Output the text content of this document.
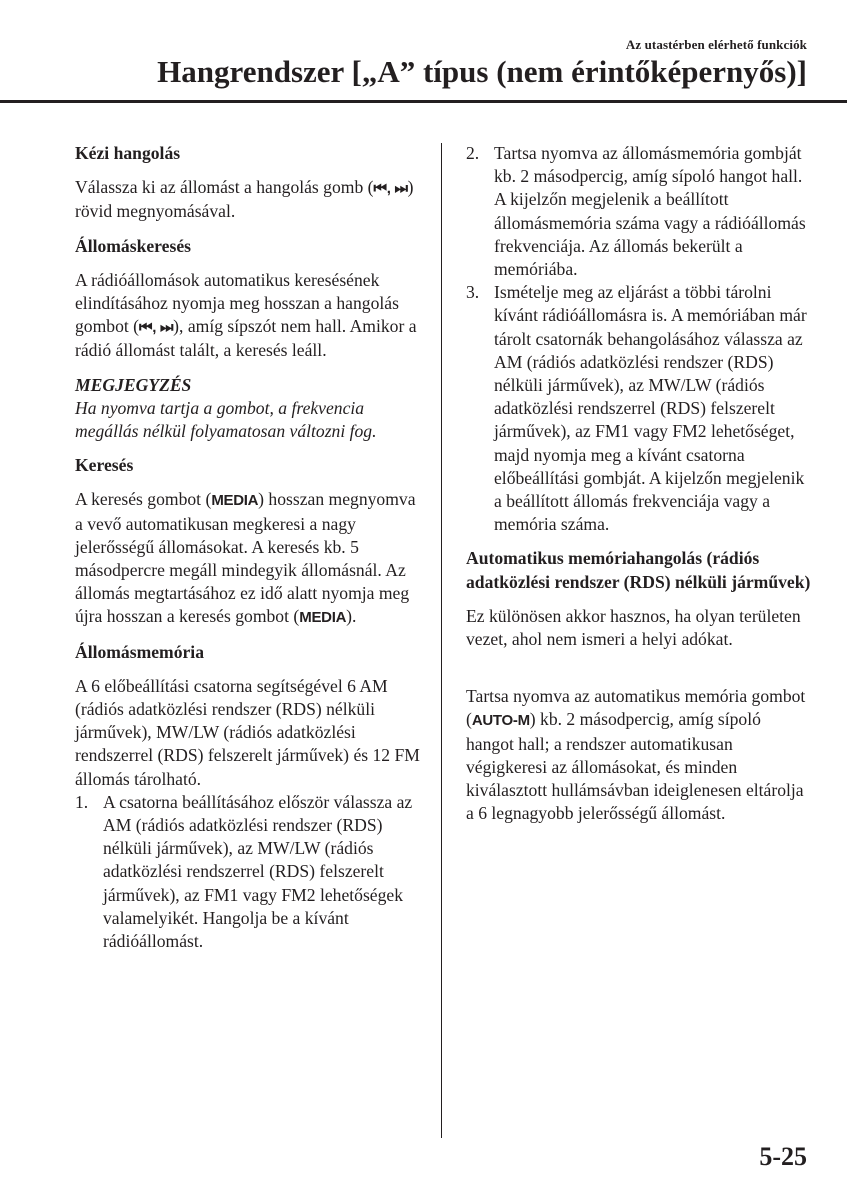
Az utastérben elérhető funkciók
Hangrendszer [„A” típus (nem érintőképernyős)]
Kézi hangolás

Válassza ki az állomást a hangolás gomb (⏮, ⏭) rövid megnyomásával.

Állomáskeresés

A rádióállomások automatikus keresésének elindításához nyomja meg hosszan a hangolás gombot (⏮, ⏭), amíg sípszót nem hall. Amikor a rádió állomást talált, a keresés leáll.

MEGJEGYZÉS
Ha nyomva tartja a gombot, a frekvencia megállás nélkül folyamatosan változni fog.
Keresés

A keresés gombot (MEDIA) hosszan megnyomva a vevő automatikusan megkeresi a nagy jelerősségű állomásokat. A keresés kb. 5 másodpercre megáll mindegyik állomásnál. Az állomás megtartásához ez idő alatt nyomja meg újra hosszan a keresés gombot (MEDIA).

Állomásmemória

A 6 előbeállítási csatorna segítségével 6 AM (rádiós adatközlési rendszer (RDS) nélküli járművek), MW/LW (rádiós adatközlési rendszerrel (RDS) felszerelt járművek) és 12 FM állomás tárolható.

1. A csatorna beállításához először válassza az AM (rádiós adatközlési rendszer (RDS) nélküli járművek), az MW/LW (rádiós adatközlési rendszerrel (RDS) felszerelt járművek), az FM1 vagy FM2 lehetőségek valamelyikét. Hangolja be a kívánt rádióállomást.
2. Tartsa nyomva az állomásmemória gombját kb. 2 másodpercig, amíg sípoló hangot hall. A kijelzőn megjelenik a beállított állomásmemória száma vagy a rádióállomás frekvenciája. Az állomás bekerült a memóriába.
3. Ismételje meg az eljárást a többi tárolni kívánt rádióállomásra is. A memóriában már tárolt csatornák behangolásához válassza az AM (rádiós adatközlési rendszer (RDS) nélküli járművek), az MW/LW (rádiós adatközlési rendszerrel (RDS) felszerelt járművek), az FM1 vagy FM2 lehetőséget, majd nyomja meg a kívánt csatorna előbeállítási gombját. A kijelzőn megjelenik a beállított állomás frekvenciája vagy a memória száma.
Automatikus memóriahangolás (rádiós adatközlési rendszer (RDS) nélküli járművek)

Ez különösen akkor hasznos, ha olyan területen vezet, ahol nem ismeri a helyi adókat.

Tartsa nyomva az automatikus memória gombot (AUTO-M) kb. 2 másodpercig, amíg sípoló hangot hall; a rendszer automatikusan végigkeresi az állomásokat, és minden kiválasztott hullámsávban ideiglenesen eltárolja a 6 legnagyobb jelerősségű állomást.

5-25
